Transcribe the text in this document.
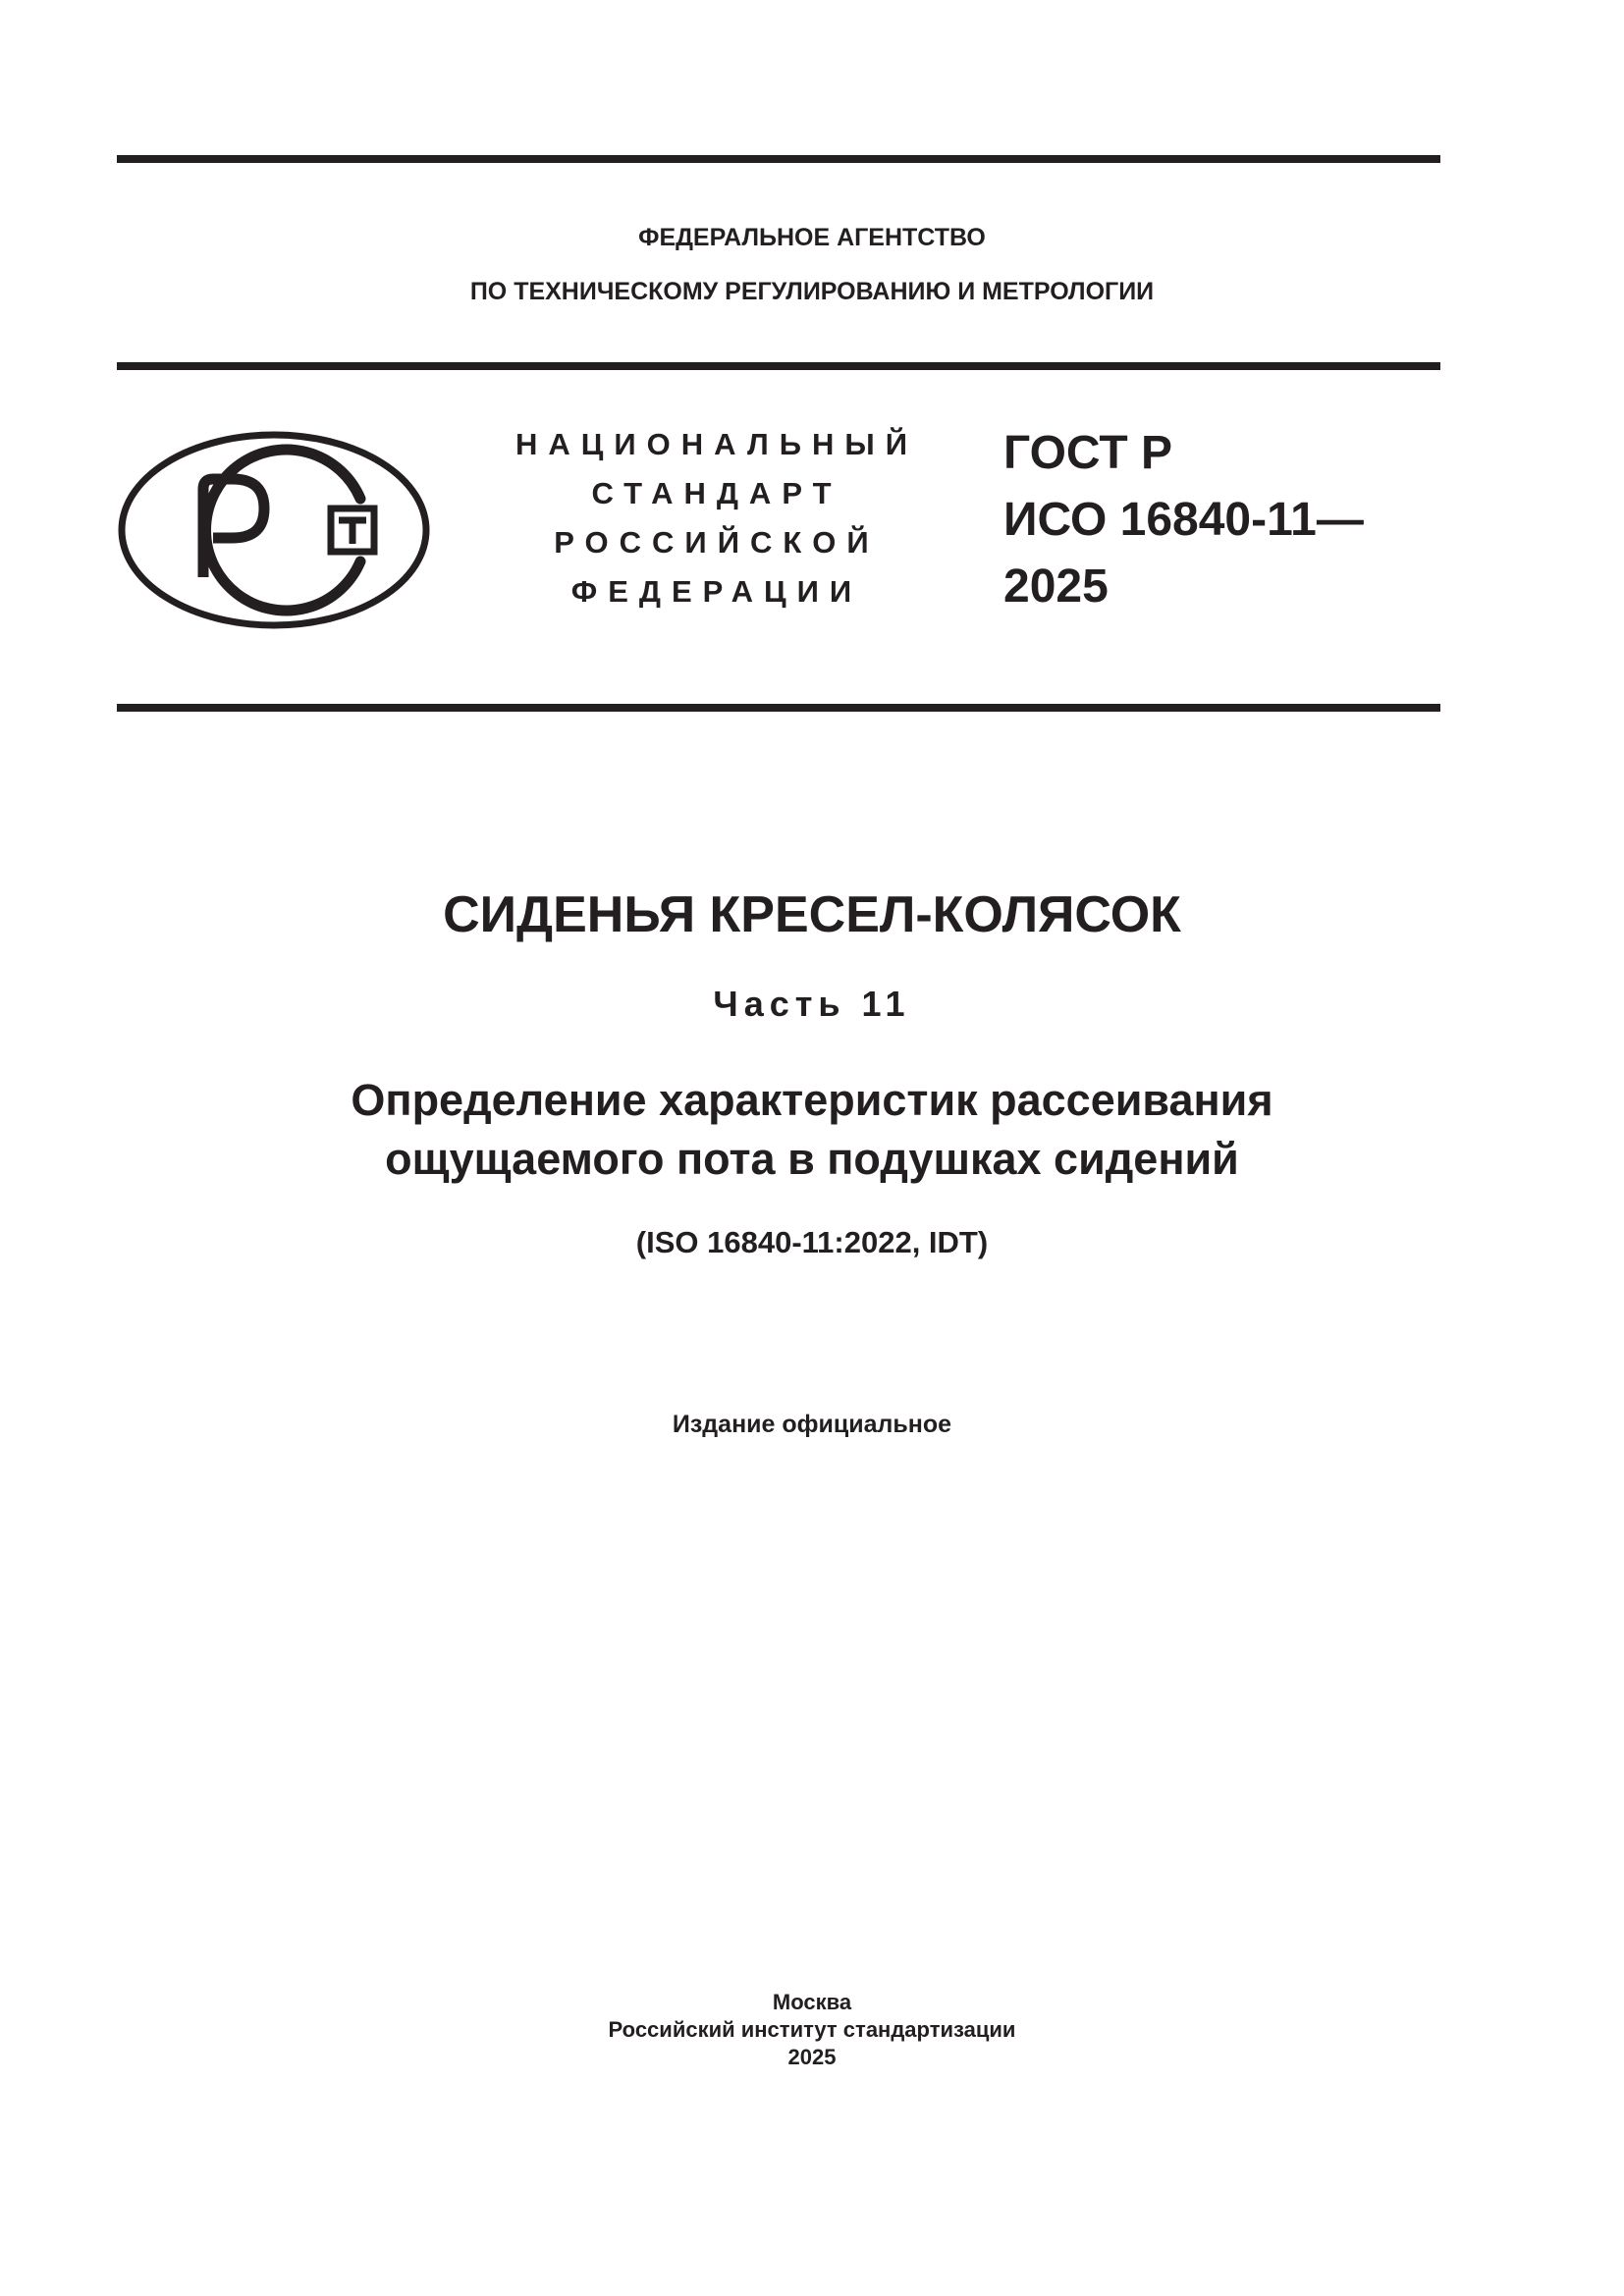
ФЕДЕРАЛЬНОЕ АГЕНТСТВО
ПО ТЕХНИЧЕСКОМУ РЕГУЛИРОВАНИЮ И МЕТРОЛОГИИ
НАЦИОНАЛЬНЫЙ
СТАНДАРТ
РОССИЙСКОЙ
ФЕДЕРАЦИИ
ГОСТ Р
ИСО 16840-11—
2025
СИДЕНЬЯ КРЕСЕЛ-КОЛЯСОК
Часть 11
Определение характеристик рассеивания
ощущаемого пота в подушках сидений
(ISO 16840-11:2022, IDT)
Издание официальное
Москва
Российский институт стандартизации
2025
